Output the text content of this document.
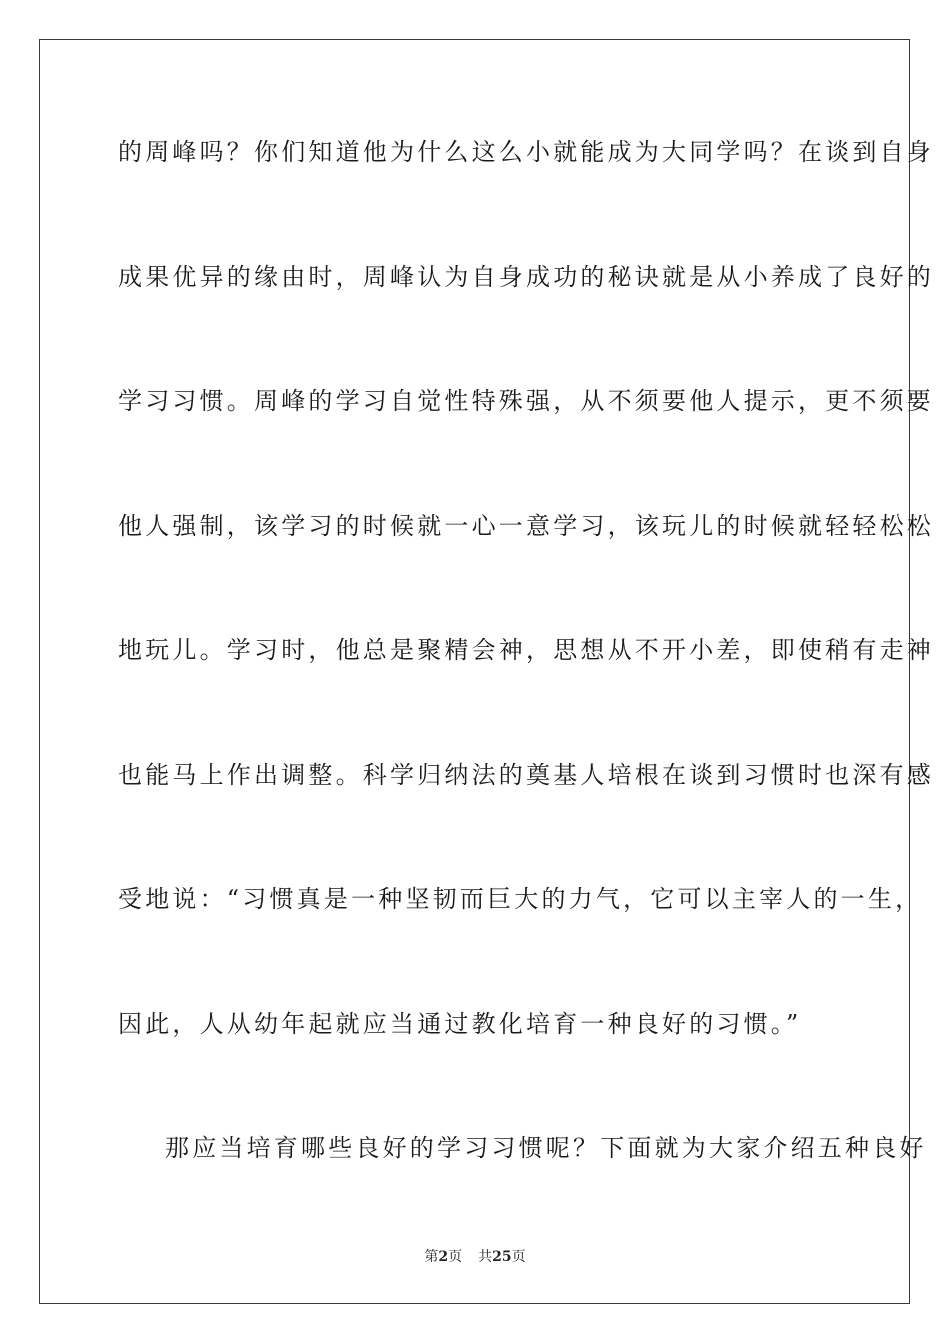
的周峰吗？你们知道他为什么这么小就能成为大同学吗？在谈到自身
成果优异的缘由时，周峰认为自身成功的秘诀就是从小养成了良好的
学习习惯。周峰的学习自觉性特殊强，从不须要他人提示，更不须要
他人强制，该学习的时候就一心一意学习，该玩儿的时候就轻轻松松
地玩儿。学习时，他总是聚精会神，思想从不开小差，即使稍有走神
也能马上作出调整。科学归纳法的奠基人培根在谈到习惯时也深有感
受地说：“习惯真是一种坚韧而巨大的力气，它可以主宰人的一生，
因此，人从幼年起就应当通过教化培育一种良好的习惯。”
那应当培育哪些良好的学习习惯呢？下面就为大家介绍五种良好
第2页 共25页
